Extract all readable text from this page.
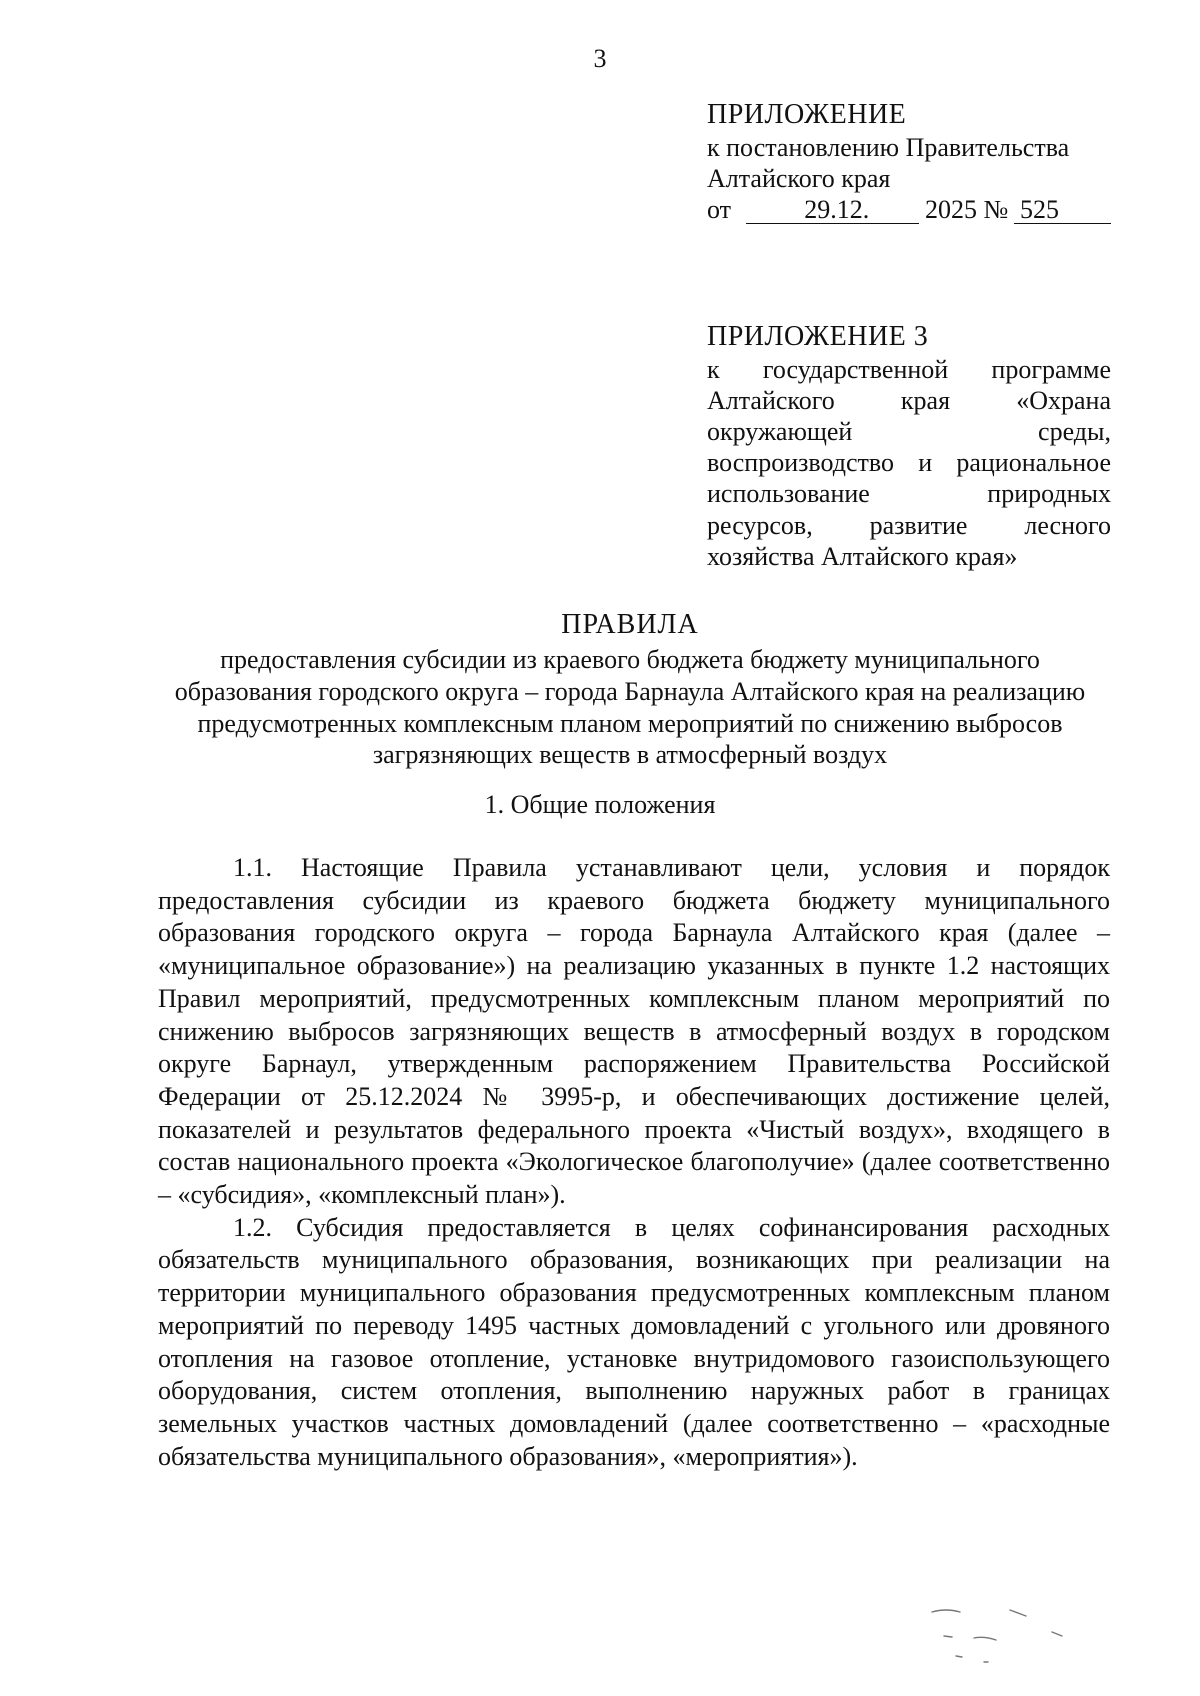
3
ПРИЛОЖЕНИЕ
к постановлению Правительства
Алтайского края
от	29.12.	2025 № 525
ПРИЛОЖЕНИЕ 3
к государственной программе Алтайского края «Охрана окружающей среды, воспроизводство и рациональное использование природных ресурсов, развитие лесного хозяйства Алтайского края»
ПРАВИЛА
предоставления субсидии из краевого бюджета бюджету муниципального образования городского округа – города Барнаула Алтайского края на реализацию предусмотренных комплексным планом мероприятий по снижению выбросов загрязняющих веществ в атмосферный воздух
1. Общие положения

1.1. Настоящие Правила устанавливают цели, условия и порядок предоставления субсидии из краевого бюджета бюджету муниципального образования городского округа – города Барнаула Алтайского края (далее – «муниципальное образование») на реализацию указанных в пункте 1.2 настоящих Правил мероприятий, предусмотренных комплексным планом мероприятий по снижению выбросов загрязняющих веществ в атмосферный воздух в городском округе Барнаул, утвержденным распоряжением Правительства Российской Федерации от 25.12.2024 № 3995-р, и обеспечивающих достижение целей, показателей и результатов федерального проекта «Чистый воздух», входящего в состав национального проекта «Экологическое благополучие» (далее соответственно – «субсидия», «комплексный план»).

1.2. Субсидия предоставляется в целях софинансирования расходных обязательств муниципального образования, возникающих при реализации на территории муниципального образования предусмотренных комплексным планом мероприятий по переводу 1495 частных домовладений с угольного или дровяного отопления на газовое отопление, установке внутридомового газоиспользующего оборудования, систем отопления, выполнению наружных работ в границах земельных участков частных домовладений (далее соответственно – «расходные обязательства муниципального образования», «мероприятия»).
